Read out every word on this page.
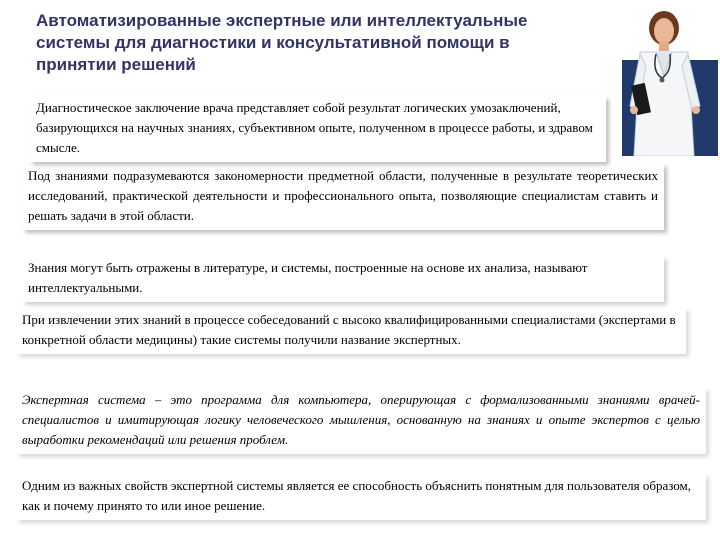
Автоматизированные экспертные или интеллектуальные системы для диагностики и консультативной помощи в принятии решений

Диагностическое заключение врача представляет собой результат логических умозаключений, базирующихся на научных знаниях, субъективном опыте, полученном в процессе работы, и здравом смысле.

Под знаниями подразумеваются закономерности предметной области, полученные в результате теоретических исследований, практической деятельности и профессионального опыта, позволяющие специалистам ставить и решать задачи в этой области.

Знания могут быть отражены в литературе, и системы, построенные на основе их анализа, называют интеллектуальными.

При извлечении этих знаний в процессе собеседований с высоко квалифицированными специалистами (экспертами в конкретной области медицины) такие системы получили название экспертных.

Экспертная система – это программа для компьютера, оперирующая с формализованными знаниями врачей-специалистов и имитирующая логику человеческого мышления, основанную на знаниях и опыте экспертов с целью выработки рекомендаций или решения проблем.

Одним из важных свойств экспертной системы является ее способность объяснить понятным для пользователя образом, как и почему принято то или иное решение.
